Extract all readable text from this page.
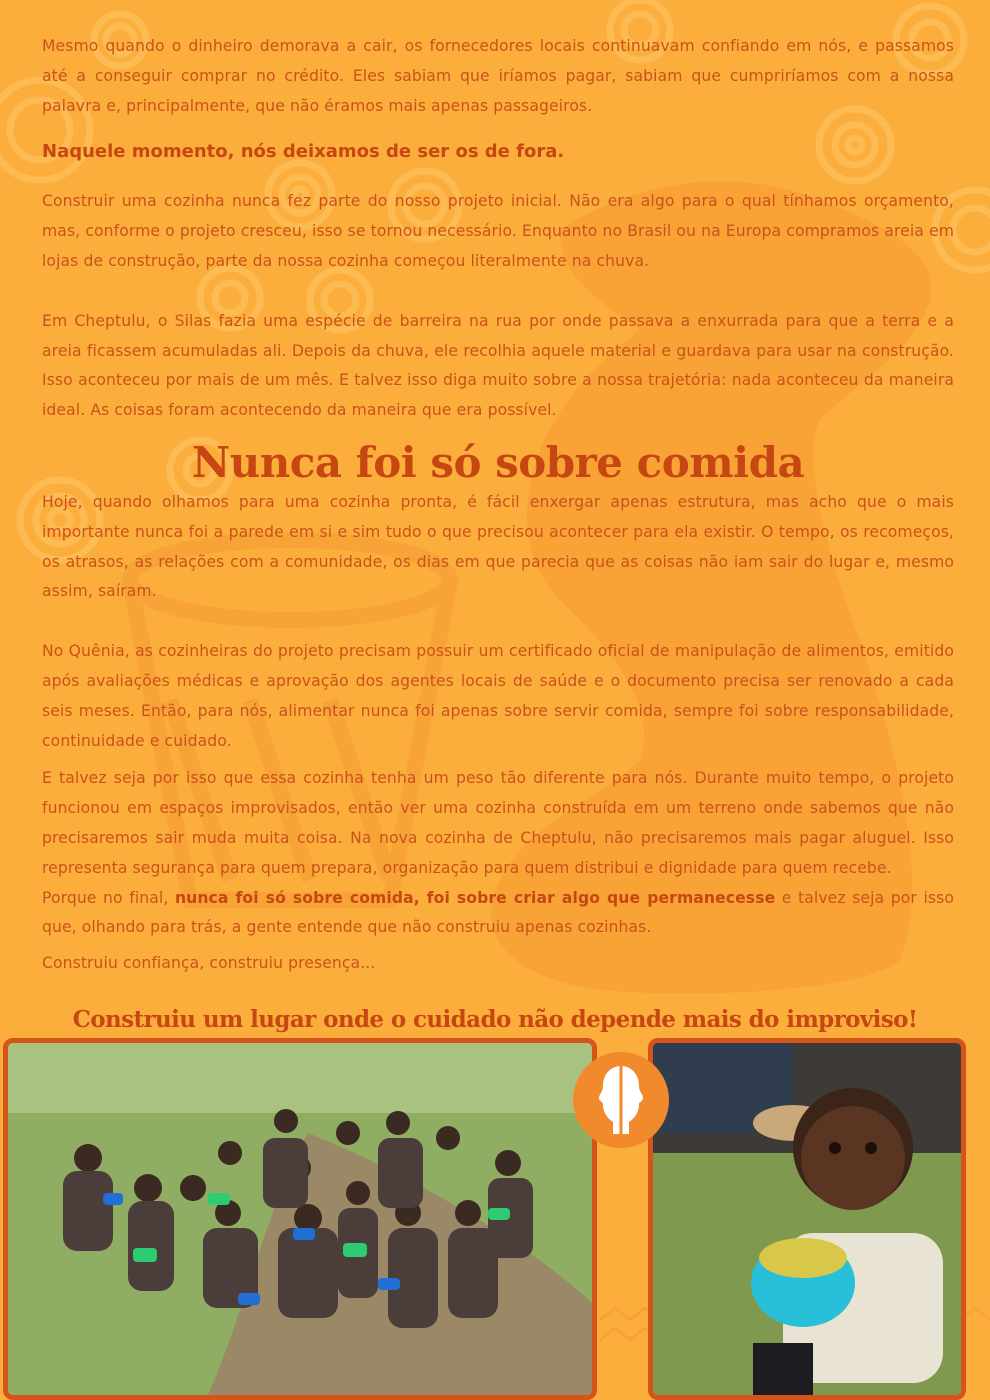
Mesmo quando o dinheiro demorava a cair, os fornecedores locais continuavam confiando em nós, e passamos até a conseguir comprar no crédito. Eles sabiam que iríamos pagar, sabiam que cumpriríamos com a nossa palavra e, principalmente, que não éramos mais apenas passageiros.

Naquele momento, nós deixamos de ser os de fora.

Construir uma cozinha nunca fez parte do nosso projeto inicial. Não era algo para o qual tínhamos orçamento, mas, conforme o projeto cresceu, isso se tornou necessário. Enquanto no Brasil ou na Europa compramos areia em lojas de construção, parte da nossa cozinha começou literalmente na chuva.

Em Cheptulu, o Silas fazia uma espécie de barreira na rua por onde passava a enxurrada para que a terra e a areia ficassem acumuladas ali. Depois da chuva, ele recolhia aquele material e guardava para usar na construção. Isso aconteceu por mais de um mês. E talvez isso diga muito sobre a nossa trajetória: nada aconteceu da maneira ideal. As coisas foram acontecendo da maneira que era possível.

Nunca foi só sobre comida

Hoje, quando olhamos para uma cozinha pronta, é fácil enxergar apenas estrutura, mas acho que o mais importante nunca foi a parede em si e sim tudo o que precisou acontecer para ela existir. O tempo, os recomeços, os atrasos, as relações com a comunidade, os dias em que parecia que as coisas não iam sair do lugar e, mesmo assim, saíram.

No Quênia, as cozinheiras do projeto precisam possuir um certificado oficial de manipulação de alimentos, emitido após avaliações médicas e aprovação dos agentes locais de saúde e o documento precisa ser renovado a cada seis meses. Então, para nós, alimentar nunca foi apenas sobre servir comida, sempre foi sobre responsabilidade, continuidade e cuidado.

E talvez seja por isso que essa cozinha tenha um peso tão diferente para nós. Durante muito tempo, o projeto funcionou em espaços improvisados, então ver uma cozinha construída em um terreno onde sabemos que não precisaremos sair muda muita coisa. Na nova cozinha de Cheptulu, não precisaremos mais pagar aluguel. Isso representa segurança para quem prepara, organização para quem distribui e dignidade para quem recebe.

Porque no final, nunca foi só sobre comida, foi sobre criar algo que permanecesse e talvez seja por isso que, olhando para trás, a gente entende que não construiu apenas cozinhas.

Construiu confiança, construiu presença...

Construiu um lugar onde o cuidado não depende mais do improviso!
